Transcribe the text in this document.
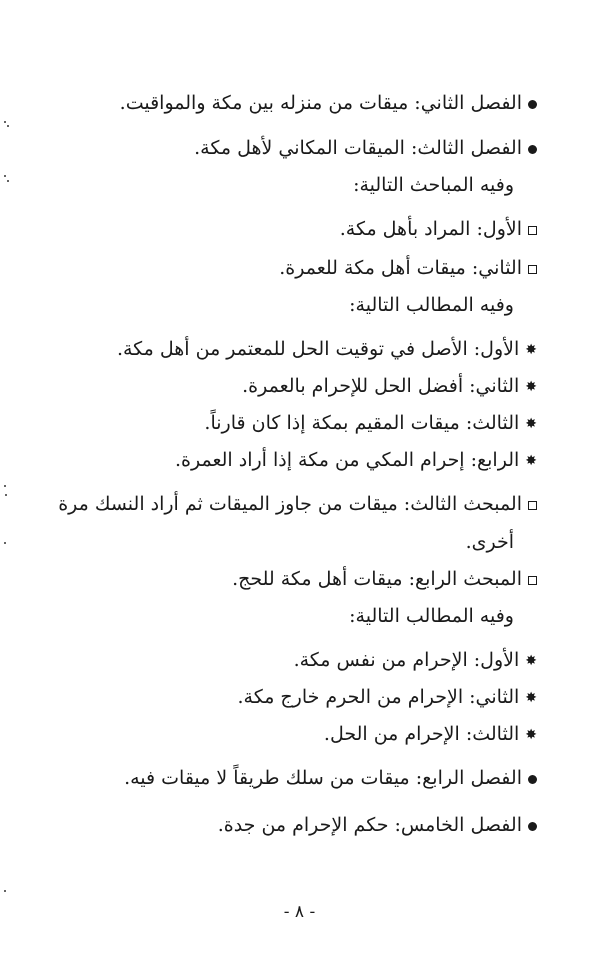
الفصل الثاني: ميقات من منزله بين مكة والمواقيت.
الفصل الثالث: الميقات المكاني لأهل مكة.
وفيه المباحث التالية:
الأول: المراد بأهل مكة.
الثاني: ميقات أهل مكة للعمرة.
وفيه المطالب التالية:
✸الأول: الأصل في توقيت الحل للمعتمر من أهل مكة.
✸الثاني: أفضل الحل للإحرام بالعمرة.
✸الثالث: ميقات المقيم بمكة إذا كان قارناً.
✸الرابع: إحرام المكي من مكة إذا أراد العمرة.
المبحث الثالث: ميقات من جاوز الميقات ثم أراد النسك مرة
أخرى.
المبحث الرابع: ميقات أهل مكة للحج.
وفيه المطالب التالية:
✸الأول: الإحرام من نفس مكة.
✸الثاني: الإحرام من الحرم خارج مكة.
✸الثالث: الإحرام من الحل.
الفصل الرابع: ميقات من سلك طريقاً لا ميقات فيه.
الفصل الخامس: حكم الإحرام من جدة.
- ٨ -
